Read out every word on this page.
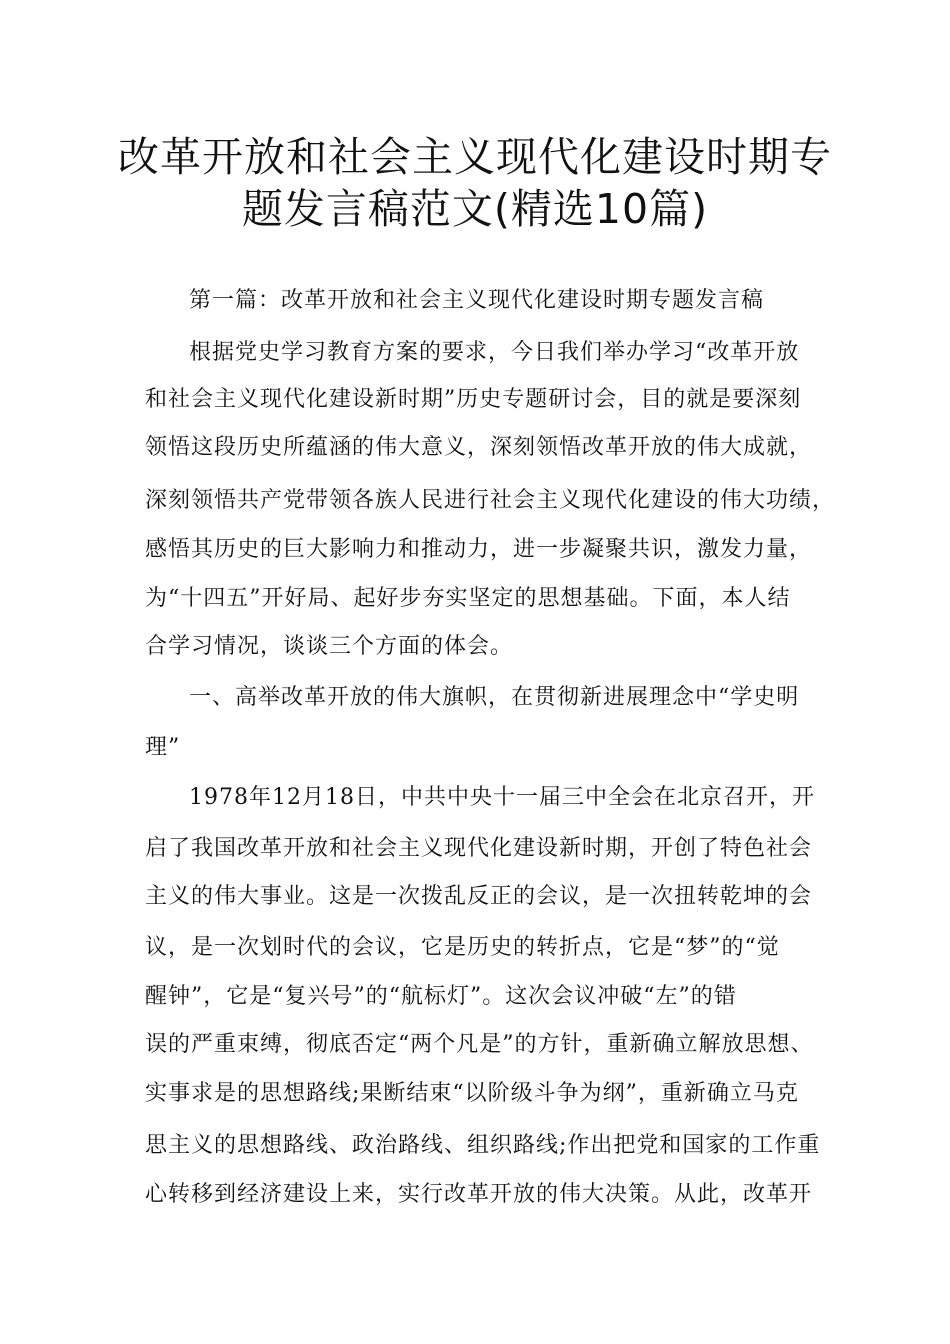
改革开放和社会主义现代化建设时期专
题发言稿范文(精选10篇)

第一篇：改革开放和社会主义现代化建设时期专题发言稿

根据党史学习教育方案的要求，今日我们举办学习“改革开放

和社会主义现代化建设新时期”历史专题研讨会，目的就是要深刻

领悟这段历史所蕴涵的伟大意义，深刻领悟改革开放的伟大成就，

深刻领悟共产党带领各族人民进行社会主义现代化建设的伟大功绩，

感悟其历史的巨大影响力和推动力，进一步凝聚共识，激发力量，

为“十四五”开好局、起好步夯实坚定的思想基础。下面，本人结

合学习情况，谈谈三个方面的体会。

一、高举改革开放的伟大旗帜，在贯彻新进展理念中“学史明

理”

1978年12月18日，中共中央十一届三中全会在北京召开，开

启了我国改革开放和社会主义现代化建设新时期，开创了特色社会

主义的伟大事业。这是一次拨乱反正的会议，是一次扭转乾坤的会

议，是一次划时代的会议，它是历史的转折点，它是“梦”的“觉

醒钟”，它是“复兴号”的“航标灯”。这次会议冲破“左”的错

误的严重束缚，彻底否定“两个凡是”的方针，重新确立解放思想、

实事求是的思想路线;果断结束“以阶级斗争为纲”，重新确立马克

思主义的思想路线、政治路线、组织路线;作出把党和国家的工作重

心转移到经济建设上来，实行改革开放的伟大决策。从此，改革开
